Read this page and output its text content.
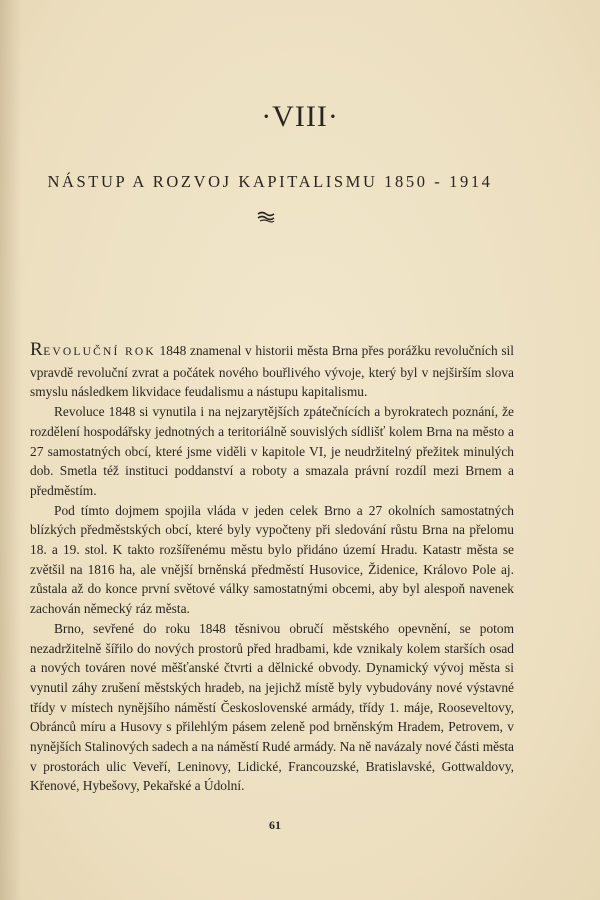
·VIII·
NÁSTUP A ROZVOJ KAPITALISMU 1850 - 1914

REVOLUČNÍ ROK 1848 znamenal v historii města Brna přes porážku revolučních sil vpravdě revoluční zvrat a počátek nového bouřlivého vývoje, který byl v nejširším slova smyslu následkem likvidace feudalismu a nástupu kapitalismu.

Revoluce 1848 si vynutila i na nejzarytějších zpátečnících a byrokratech poznání, že rozdělení hospodářsky jednotných a teritoriálně souvislých sídlišť kolem Brna na město a 27 samostatných obcí, které jsme viděli v kapitole VI, je neudržitelný přežitek minulých dob. Smetla též instituci poddanství a roboty a smazala právní rozdíl mezi Brnem a předměstím.

Pod tímto dojmem spojila vláda v jeden celek Brno a 27 okolních samostatných blízkých předměstských obcí, které byly vypočteny při sledování růstu Brna na přelomu 18. a 19. stol. K takto rozšířenému městu bylo přidáno území Hradu. Katastr města se zvětšil na 1816 ha, ale vnější brněnská předměstí Husovice, Židenice, Královo Pole aj. zůstala až do konce první světové války samostatnými obcemi, aby byl alespoň navenek zachován německý ráz města.

Brno, sevřené do roku 1848 těsnivou obručí městského opevnění, se potom nezadržitelně šířilo do nových prostorů před hradbami, kde vznikaly kolem starších osad a nových továren nové měšťanské čtvrti a dělnické obvody. Dynamický vývoj města si vynutil záhy zrušení městských hradeb, na jejichž místě byly vybudovány nové výstavné třídy v místech nynějšího náměstí Československé armády, třídy 1. máje, Rooseveltovy, Obránců míru a Husovy s přilehlým pásem zeleně pod brněnským Hradem, Petrovem, v nynějších Stalinových sadech a na náměstí Rudé armády. Na ně navázaly nové části města v prostorách ulic Veveří, Leninovy, Lidické, Francouzské, Bratislavské, Gottwaldovy, Křenové, Hybešovy, Pekařské a Údolní.

61
